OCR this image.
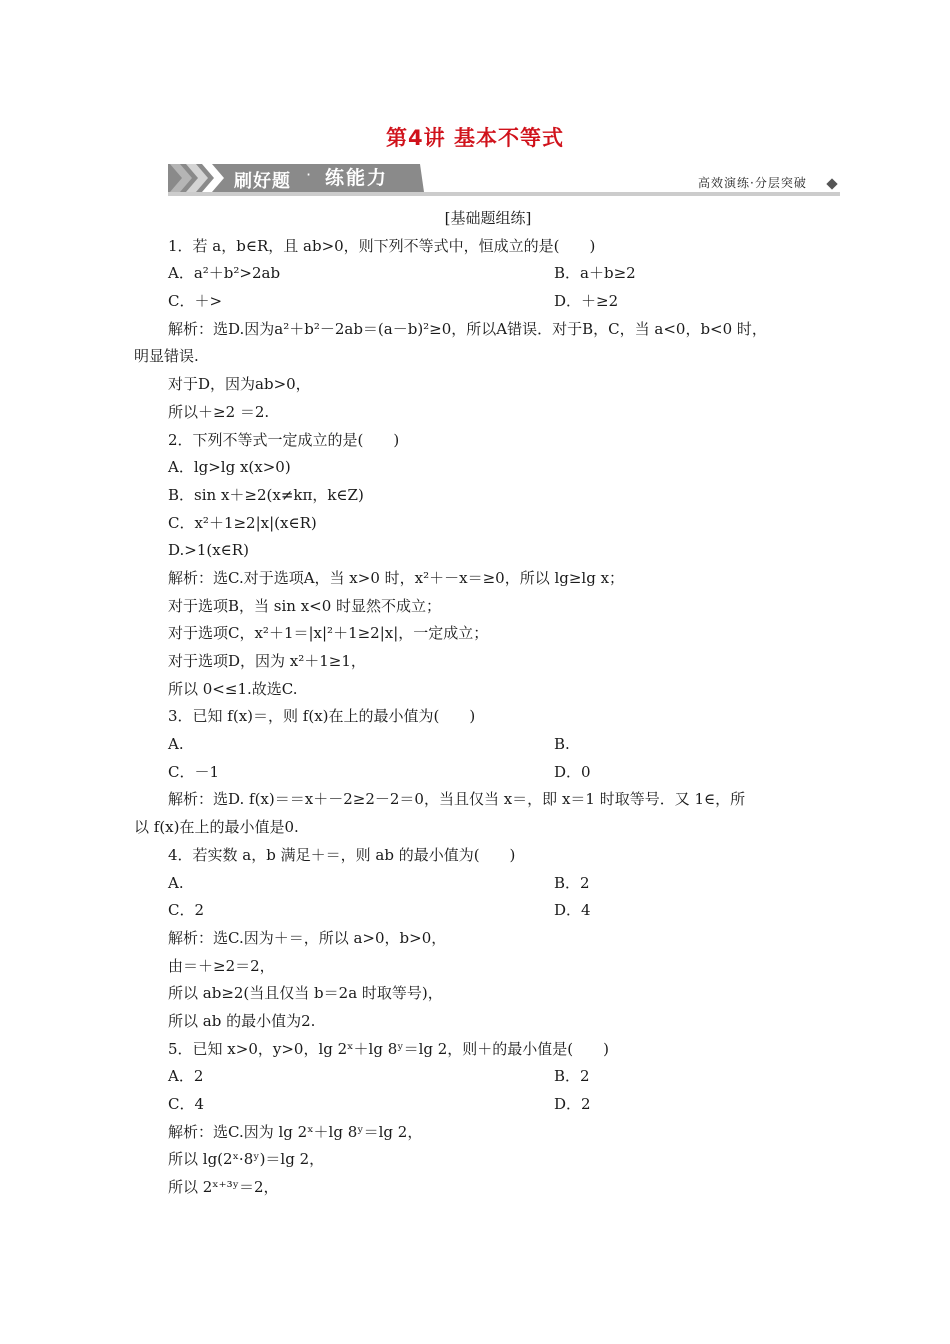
第4讲 基本不等式
刷好题 · 练能力	高效演练·分层突破
[基础题组练]
1．若 a，b∈R，且 ab>0，则下列不等式中，恒成立的是(　　)
A．a²＋b²>2ab	B．a＋b≥2
C．＋>	D．＋≥2
解析：选D.因为a²＋b²－2ab＝(a－b)²≥0，所以A错误．对于B，C，当 a<0，b<0 时，
明显错误.
对于D，因为ab>0，
所以＋≥2 ＝2.
2．下列不等式一定成立的是(　　)
A．lg>lg x(x>0)
B．sin x＋≥2(x≠kπ，k∈Z)
C．x²＋1≥2|x|(x∈R)
D.>1(x∈R)
解析：选C.对于选项A，当 x>0 时，x²＋－x＝≥0，所以 lg≥lg x；
对于选项B，当 sin x<0 时显然不成立；
对于选项C，x²＋1＝|x|²＋1≥2|x|，一定成立；
对于选项D，因为 x²＋1≥1，
所以 0<≤1.故选C.
3．已知 f(x)＝，则 f(x)在上的最小值为(　　)
A.	B.
C．－1	D．0
解析：选D. f(x)＝＝x＋－2≥2－2＝0，当且仅当 x＝，即 x＝1 时取等号．又 1∈，所
以 f(x)在上的最小值是0.
4．若实数 a，b 满足＋＝，则 ab 的最小值为(　　)
A.	B．2
C．2	D．4
解析：选C.因为＋＝，所以 a>0，b>0，
由＝＋≥2＝2，
所以 ab≥2(当且仅当 b＝2a 时取等号)，
所以 ab 的最小值为2.
5．已知 x>0，y>0，lg 2ˣ＋lg 8ʸ＝lg 2，则＋的最小值是(　　)
A．2	B．2
C．4	D．2
解析：选C.因为 lg 2ˣ＋lg 8ʸ＝lg 2，
所以 lg(2ˣ·8ʸ)＝lg 2，
所以 2ˣ⁺³ʸ＝2，
